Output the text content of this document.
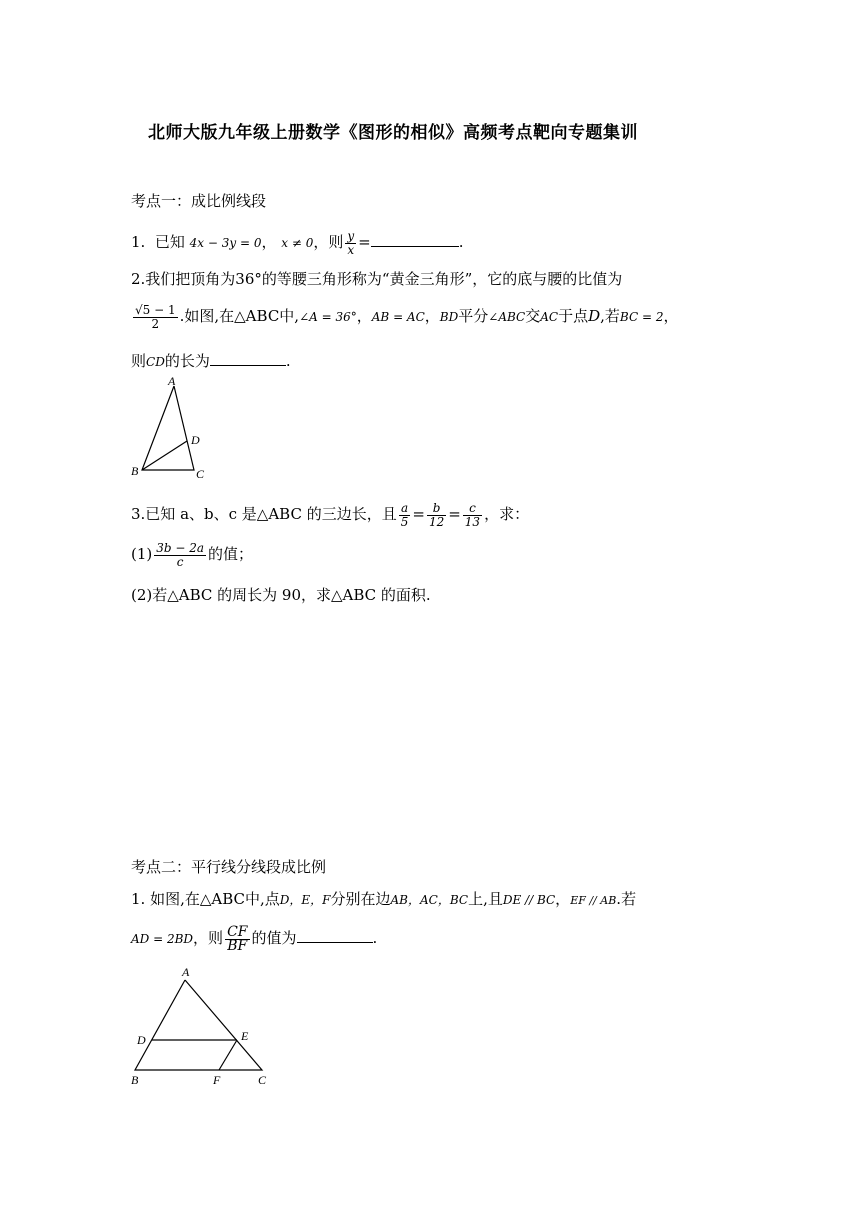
北师大版九年级上册数学《图形的相似》高频考点靶向专题集训
考点一：成比例线段
1. 已知 4x − 3y = 0， x ≠ 0，则 $\frac{y}{x}$ =	.
2.我们把顶角为36°的等腰三角形称为“黄金三角形”，它的底与腰的比值为
$\frac{√5 - 1}{2}$ .如图,在△ABC中,∠A = 36°，AB = AC，BD平分∠ABC交AC于点D,若BC = 2，
则CD的长为	.
A
B	C
D
3.已知 a、b、c 是△ABC 的三边长，且 $\frac{a}{5} = \frac{b}{12} = \frac{c}{13}$ ，求：
$(1) \frac{3b - 2a}{c}$ 的值；
(2)若△ABC 的周长为 90，求△ABC 的面积.
考点二：平行线分线段成比例
1. 如图,在△ABC中,点D，E，F分别在边AB，AC，BC上,且DE // BC，EF // AB.若
AD = 2BD，则 $\frac{CF}{BF}$ 的值为	.
A
D	E
B	F	C
